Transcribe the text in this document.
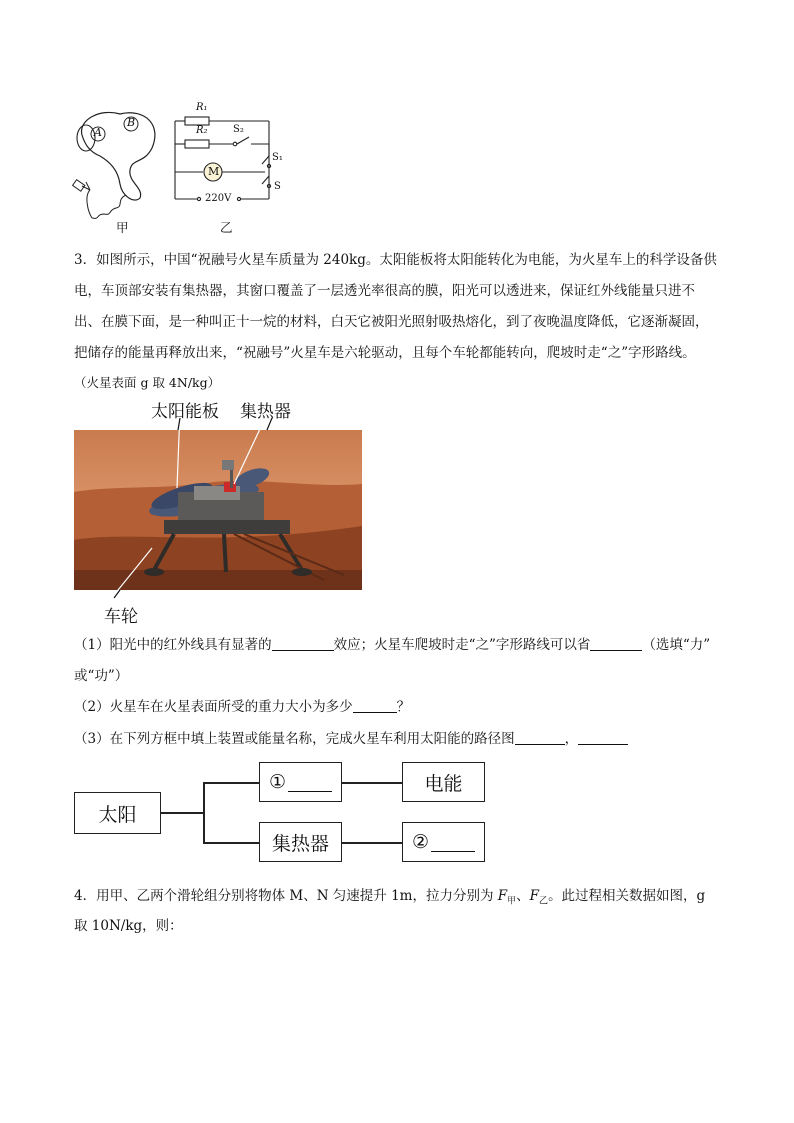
A
B
甲
R₁
R₂	S₂
S₁
S
M
220V
乙
3．如图所示，中国“祝融号火星车质量为 240kg。太阳能板将太阳能转化为电能，为火星车上的科学设备供
电，车顶部安装有集热器，其窗口覆盖了一层透光率很高的膜，阳光可以透进来，保证红外线能量只进不
出、在膜下面，是一种叫正十一烷的材料，白天它被阳光照射吸热熔化，到了夜晚温度降低，它逐渐凝固，
把储存的能量再释放出来，“祝融号”火星车是六轮驱动，且每个车轮都能转向，爬坡时走“之”字形路线。
（火星表面 g 取 4N/kg）
太阳能板 集热器
车轮
（1）阳光中的红外线具有显著的	效应；火星车爬坡时走“之”字形路线可以省	（选填“力”
或“功”）
（2）火星车在火星表面所受的重力大小为多少	？
（3）在下列方框中填上装置或能量名称，完成火星车利用太阳能的路径图	，
太阳
①	电能
集热器	②
4．用甲、乙两个滑轮组分别将物体 M、N 匀速提升 1m，拉力分别为 $F_甲$、$F_乙$。此过程相关数据如图，g
取 10N/kg，则：
